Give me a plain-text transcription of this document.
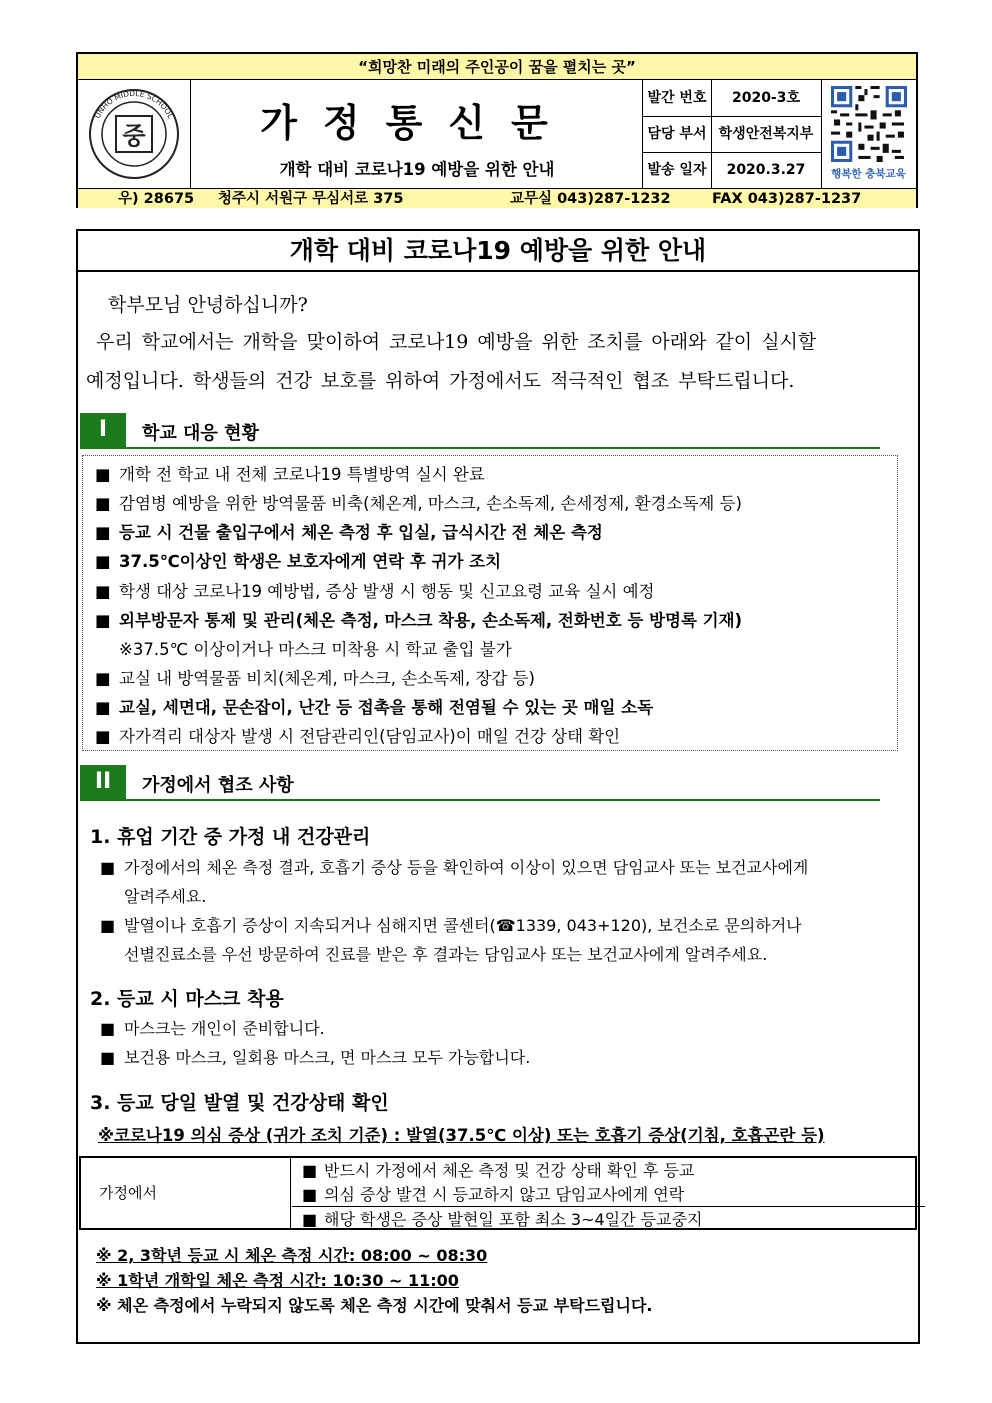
“희망찬 미래의 주인공이 꿈을 펼치는 곳”
UNHO MIDDLE SCHOOL
중	가정통신문
개학 대비 코로나19 예방을 위한 안내
발간 번호	2020-3호
담당 부서 학생안전복지부
발송 일자	2020.3.27	행복한 충북교육
우) 28675 청주시 서원구 무심서로 375	교무실 043)287-1232	FAX 043)287-1237
개학 대비 코로나19 예방을 위한 안내
학부모님 안녕하십니까?
우리 학교에서는 개학을 맞이하여 코로나19 예방을 위한 조치를 아래와 같이 실시할
예정입니다. 학생들의 건강 보호를 위하여 가정에서도 적극적인 협조 부탁드립니다.
I	학교 대응 현황
■ 개학 전 학교 내 전체 코로나19 특별방역 실시 완료
■ 감염병 예방을 위한 방역물품 비축(체온계, 마스크, 손소독제, 손세정제, 환경소독제 등)
■ 등교 시 건물 출입구에서 체온 측정 후 입실, 급식시간 전 체온 측정
■ 37.5℃이상인 학생은 보호자에게 연락 후 귀가 조치
■ 학생 대상 코로나19 예방법, 증상 발생 시 행동 및 신고요령 교육 실시 예정
■ 외부방문자 통제 및 관리(체온 측정, 마스크 착용, 손소독제, 전화번호 등 방명록 기재)
※37.5℃ 이상이거나 마스크 미착용 시 학교 출입 불가
■ 교실 내 방역물품 비치(체온계, 마스크, 손소독제, 장갑 등)
■ 교실, 세면대, 문손잡이, 난간 등 접촉을 통해 전염될 수 있는 곳 매일 소독
■ 자가격리 대상자 발생 시 전담관리인(담임교사)이 매일 건강 상태 확인
II	가정에서 협조 사항
1. 휴업 기간 중 가정 내 건강관리
■ 가정에서의 체온 측정 결과, 호흡기 증상 등을 확인하여 이상이 있으면 담임교사 또는 보건교사에게
알려주세요.
■ 발열이나 호흡기 증상이 지속되거나 심해지면 콜센터(☎1339, 043+120), 보건소로 문의하거나
선별진료소를 우선 방문하여 진료를 받은 후 결과는 담임교사 또는 보건교사에게 알려주세요.
2. 등교 시 마스크 착용
■ 마스크는 개인이 준비합니다.
■ 보건용 마스크, 일회용 마스크, 면 마스크 모두 가능합니다.
3. 등교 당일 발열 및 건강상태 확인
※코로나19 의심 증상 (귀가 조치 기준) : 발열(37.5℃ 이상) 또는 호흡기 증상(기침, 호흡곤란 등)
가정에서
■ 반드시 가정에서 체온 측정 및 건강 상태 확인 후 등교
■ 의심 증상 발견 시 등교하지 않고 담임교사에게 연락
■ 해당 학생은 증상 발현일 포함 최소 3~4일간 등교중지
※ 2, 3학년 등교 시 체온 측정 시간: 08:00 ~ 08:30
※ 1학년 개학일 체온 측정 시간: 10:30 ~ 11:00
※ 체온 측정에서 누락되지 않도록 체온 측정 시간에 맞춰서 등교 부탁드립니다.
